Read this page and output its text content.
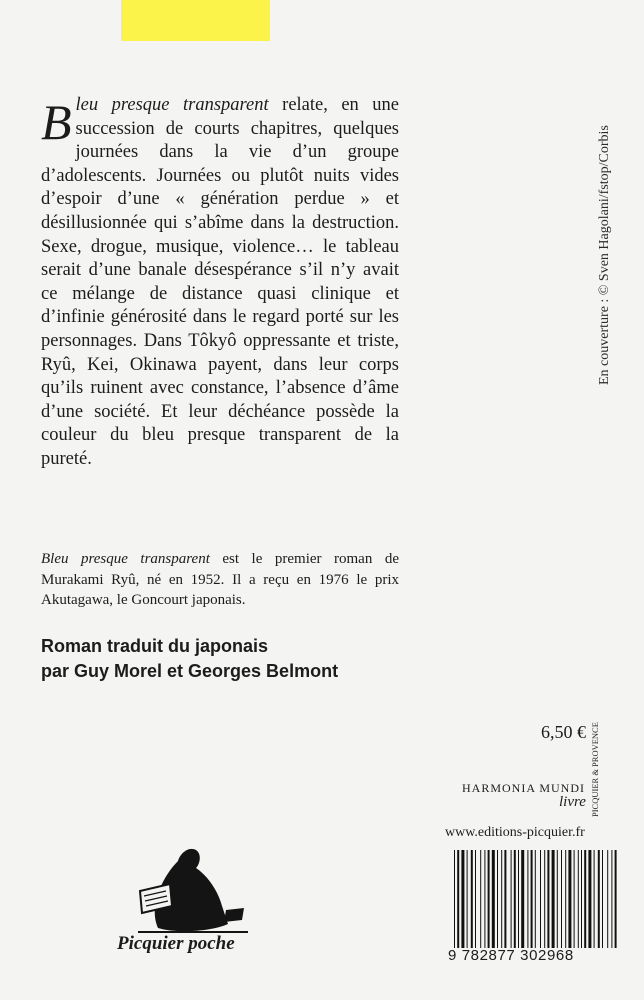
Bleu presque transparent relate, en une succession de courts chapitres, quelques journées dans la vie d’un groupe d’adolescents. Journées ou plutôt nuits vides d’espoir d’une « génération perdue » et désillusionnée qui s’abîme dans la destruction. Sexe, drogue, musique, violence… le tableau serait d’une banale désespérance s’il n’y avait ce mélange de distance quasi clinique et d’infinie générosité dans le regard porté sur les personnages. Dans Tôkyô oppressante et triste, Ryû, Kei, Okinawa payent, dans leur corps qu’ils ruinent avec constance, l’absence d’âme d’une société. Et leur déchéance possède la couleur du bleu presque transparent de la pureté.

Bleu presque transparent est le premier roman de Murakami Ryû, né en 1952. Il a reçu en 1976 le prix Akutagawa, le Goncourt japonais.

Roman traduit du japonais
par Guy Morel et Georges Belmont

En couverture : © Sven Hagolani/fstop/Corbis
6,50 €
HARMONIA MUNDI
livre PICQUIER & PROVENCE
www.editions-picquier.fr
9 782877 302968
Picquier poche
